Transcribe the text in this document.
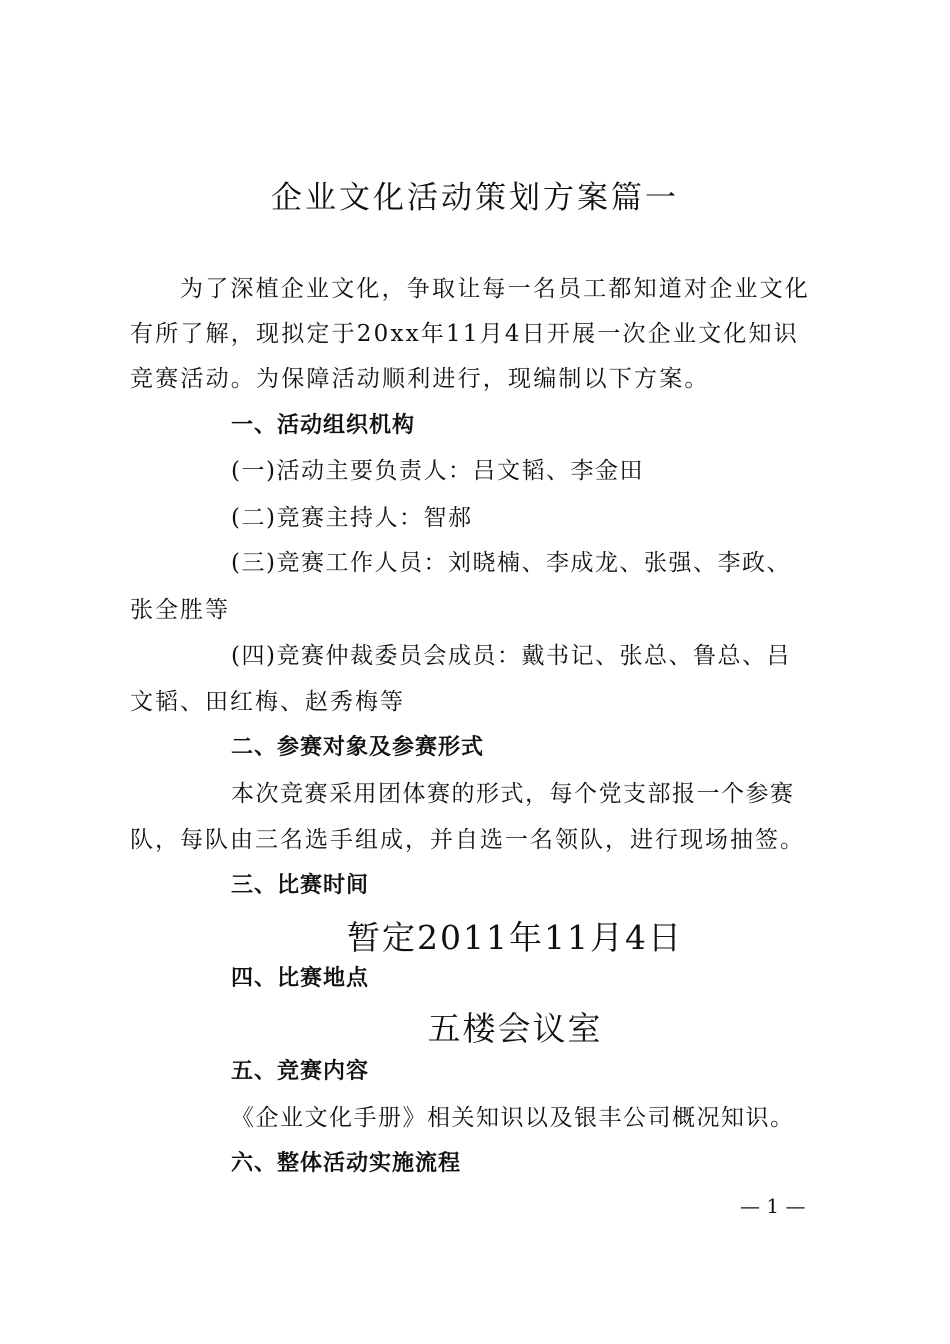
企业文化活动策划方案篇一
为了深植企业文化，争取让每一名员工都知道对企业文化
有所了解，现拟定于20xx年11月4日开展一次企业文化知识
竞赛活动。为保障活动顺利进行，现编制以下方案。
一、活动组织机构
(一)活动主要负责人：吕文韬、李金田
(二)竞赛主持人：智郝
(三)竞赛工作人员：刘晓楠、李成龙、张强、李政、
张全胜等
(四)竞赛仲裁委员会成员：戴书记、张总、鲁总、吕
文韬、田红梅、赵秀梅等
二、参赛对象及参赛形式
本次竞赛采用团体赛的形式，每个党支部报一个参赛
队，每队由三名选手组成，并自选一名领队，进行现场抽签。
三、比赛时间
暂定2011年11月4日
四、比赛地点
五楼会议室
五、竞赛内容
《企业文化手册》相关知识以及银丰公司概况知识。
六、整体活动实施流程
— 1 —
